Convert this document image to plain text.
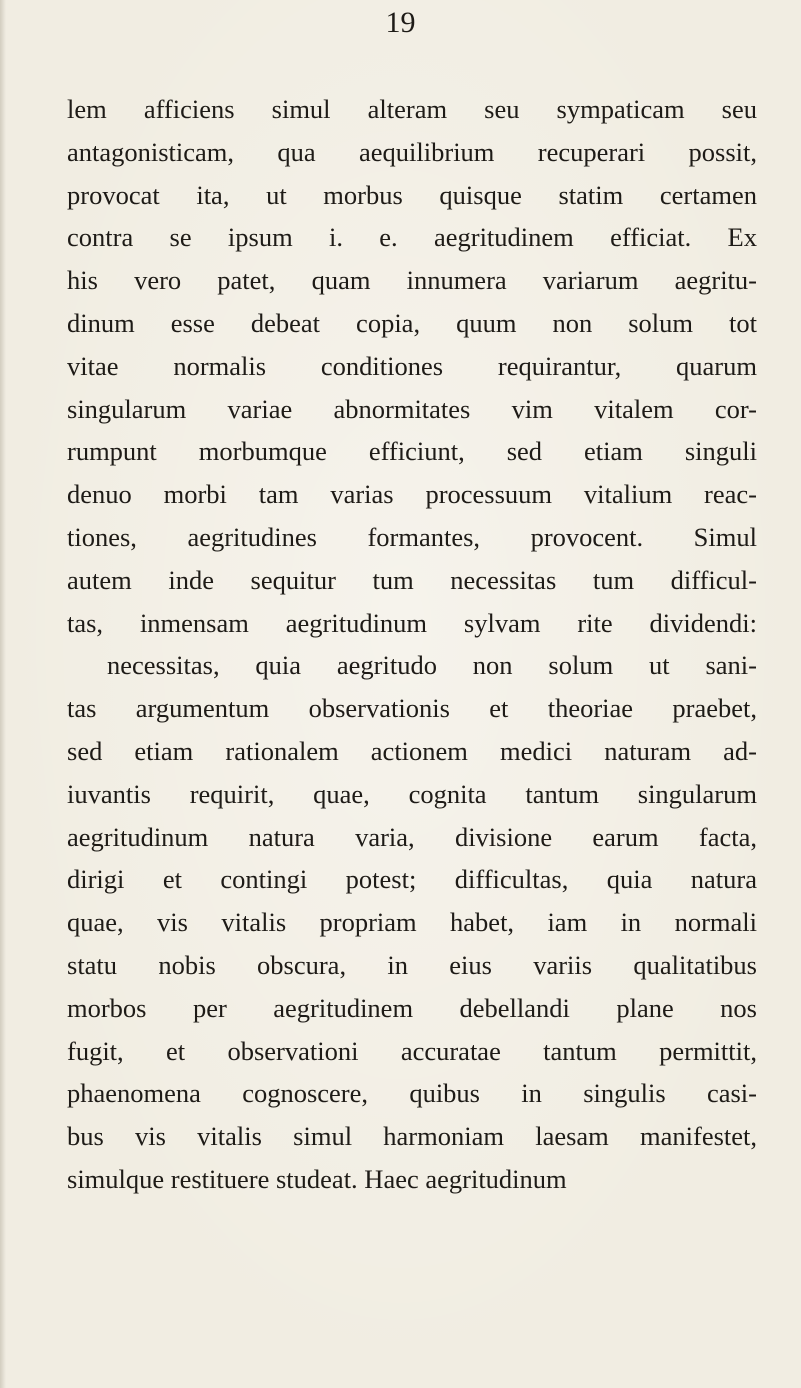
19
lem afficiens simul alteram seu sympaticam seu
antagonisticam, qua aequilibrium recuperari possit,
provocat ita, ut morbus quisque statim certamen
contra se ipsum i. e. aegritudinem efficiat. Ex
his vero patet, quam innumera variarum aegritu-
dinum esse debeat copia, quum non solum tot
vitae normalis conditiones requirantur, quarum
singularum variae abnormitates vim vitalem cor-
rumpunt morbumque efficiunt, sed etiam singuli
denuo morbi tam varias processuum vitalium reac-
tiones, aegritudines formantes, provocent. Simul
autem inde sequitur tum necessitas tum difficul-
tas, inmensam aegritudinum sylvam rite dividendi:
necessitas, quia aegritudo non solum ut sani-
tas argumentum observationis et theoriae praebet,
sed etiam rationalem actionem medici naturam ad-
iuvantis requirit, quae, cognita tantum singularum
aegritudinum natura varia, divisione earum facta,
dirigi et contingi potest; difficultas, quia natura
quae, vis vitalis propriam habet, iam in normali
statu nobis obscura, in eius variis qualitatibus
morbos per aegritudinem debellandi plane nos
fugit, et observationi accuratae tantum permittit,
phaenomena cognoscere, quibus in singulis casi-
bus vis vitalis simul harmoniam laesam manifestet,
simulque restituere studeat. Haec aegritudinum
